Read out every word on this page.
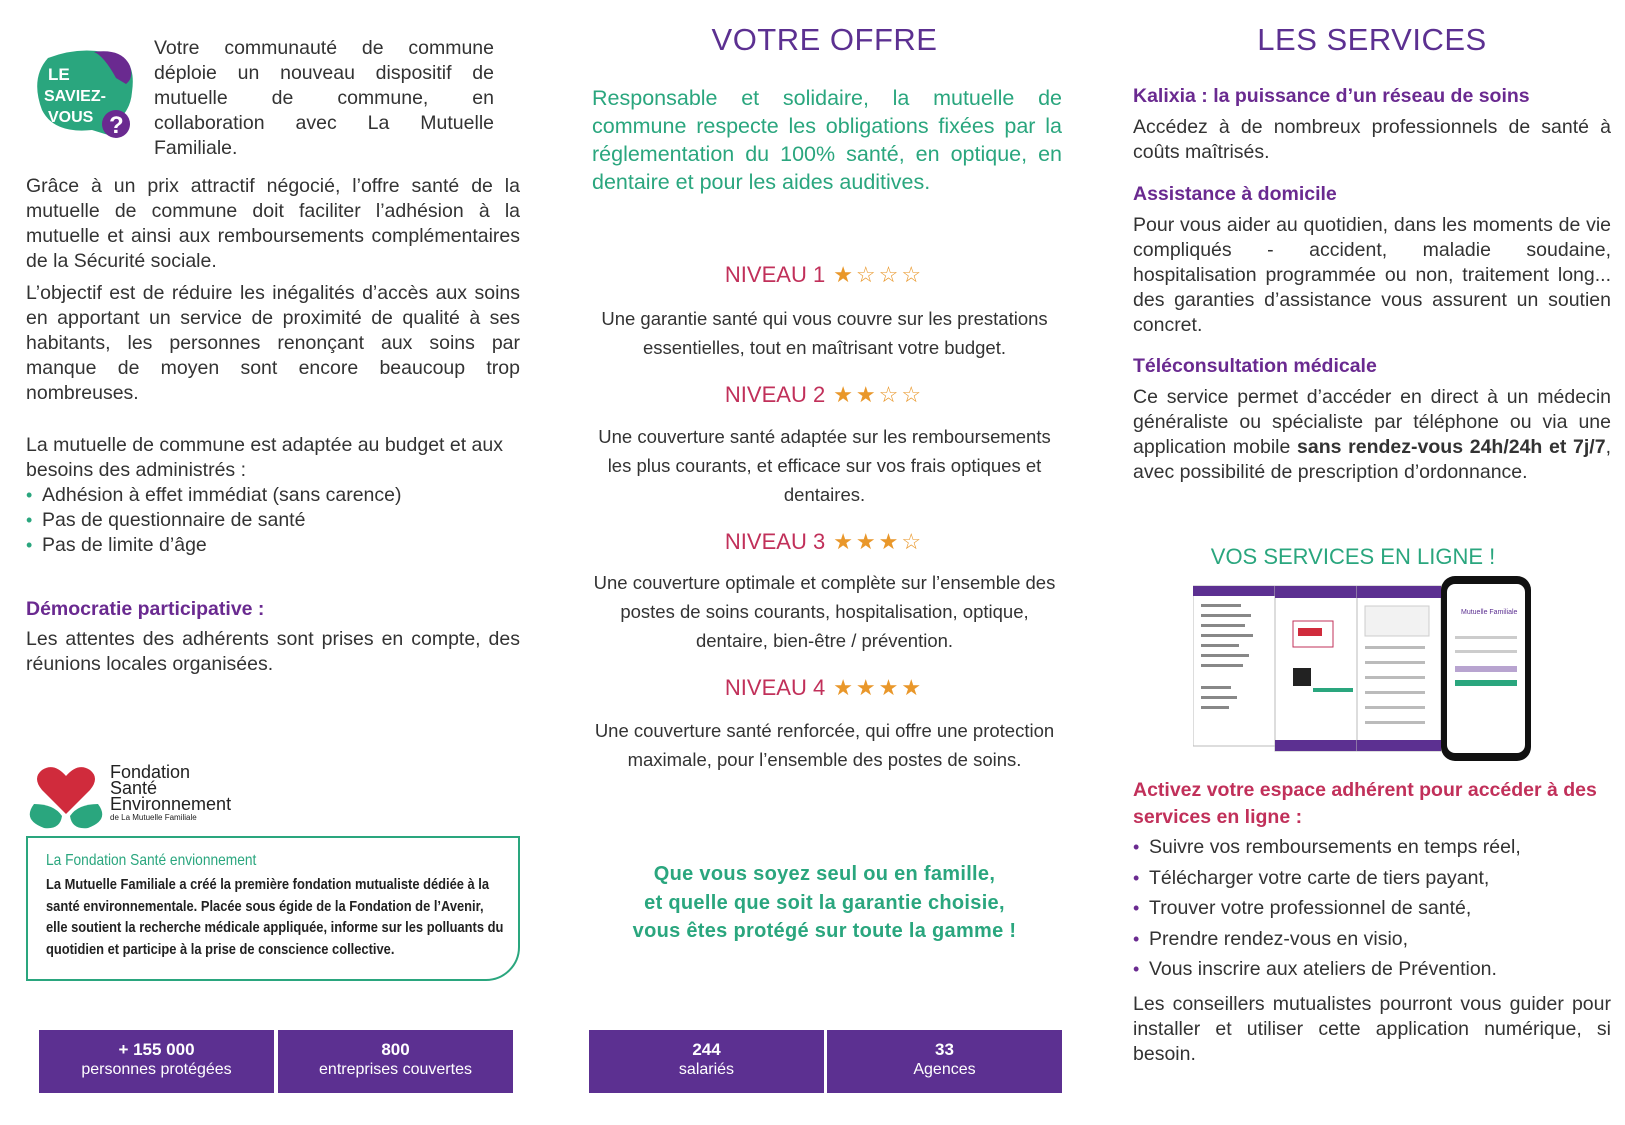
LE
SAVIEZ-
VOUS ?

Votre communauté de commune déploie un nouveau dispositif de mutuelle de commune, en collaboration avec La Mutuelle Familiale.

Grâce à un prix attractif négocié, l’offre santé de la mutuelle de commune doit faciliter l’adhésion à la mutuelle et ainsi aux remboursements complémentaires de la Sécurité sociale.

L’objectif est de réduire les inégalités d’accès aux soins en apportant un service de proximité de qualité à ses habitants, les personnes renonçant aux soins par manque de moyen sont encore beaucoup trop nombreuses.

La mutuelle de commune est adaptée au budget et aux besoins des administrés :

• Adhésion à effet immédiat (sans carence)
• Pas de questionnaire de santé
• Pas de limite d’âge
Démocratie participative :

Les attentes des adhérents sont prises en compte, des réunions locales organisées.

Fondation
Santé
Environnement
de La Mutuelle Familiale
La Fondation Santé envionnement
La Mutuelle Familiale a créé la première fondation mutualiste dédiée à la santé environnementale. Placée sous égide de la Fondation de l’Avenir, elle soutient la recherche médicale appliquée, informe sur les polluants du quotidien et participe à la prise de conscience collective.
VOTRE OFFRE

Responsable et solidaire, la mutuelle de commune respecte les obligations fixées par la réglementation du 100% santé, en optique, en dentaire et pour les aides auditives.

NIVEAU 1 ★☆☆☆

Une garantie santé qui vous couvre sur les prestations essentielles, tout en maîtrisant votre budget.

NIVEAU 2 ★★☆☆

Une couverture santé adaptée sur les remboursements les plus courants, et efficace sur vos frais optiques et dentaires.

NIVEAU 3 ★★★☆

Une couverture optimale et complète sur l’ensemble des postes de soins courants, hospitalisation, optique, dentaire, bien-être / prévention.

NIVEAU 4 ★★★★

Une couverture santé renforcée, qui offre une protection maximale, pour l’ensemble des postes de soins.

Que vous soyez seul ou en famille,
et quelle que soit la garantie choisie,
vous êtes protégé sur toute la gamme !
LES SERVICES
Kalixia : la puissance d’un réseau de soins

Accédez à de nombreux professionnels de santé à coûts maîtrisés.

Assistance à domicile

Pour vous aider au quotidien, dans les moments de vie compliqués - accident, maladie soudaine, hospitalisation programmée ou non, traitement long... des garanties d’assistance vous assurent un soutien concret.

Téléconsultation médicale

Ce service permet d’accéder en direct à un médecin généraliste ou spécialiste par téléphone ou via une application mobile sans rendez-vous 24h/24h et 7j/7, avec possibilité de prescription d’ordonnance.

VOS SERVICES EN LIGNE !
Mutuelle Familiale
Activez votre espace adhérent pour accéder à des services en ligne :
• Suivre vos remboursements en temps réel,
• Télécharger votre carte de tiers payant,
• Trouver votre professionnel de santé,
• Prendre rendez-vous en visio,
• Vous inscrire aux ateliers de Prévention.

Les conseillers mutualistes pourront vous guider pour installer et utiliser cette application numérique, si besoin.

+ 155 000
personnes protégées
800
entreprises couvertes
244
salariés
33
Agences
